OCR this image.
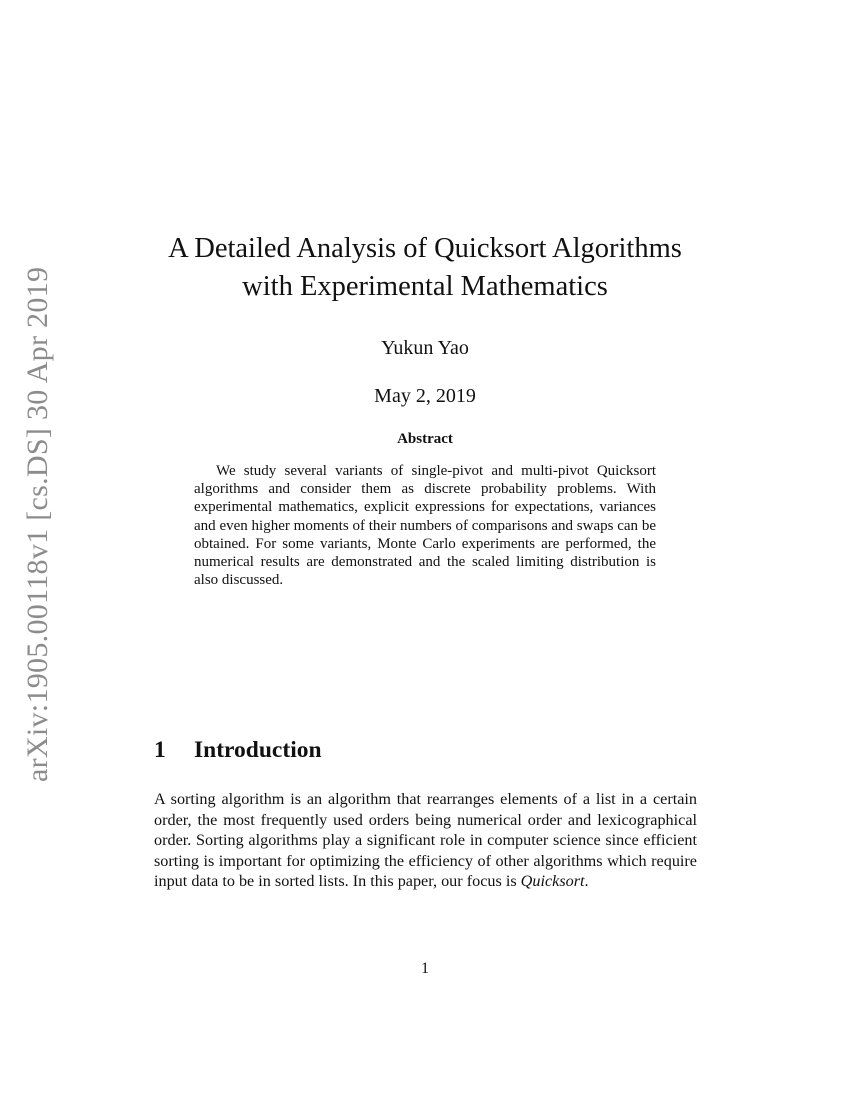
arXiv:1905.00118v1 [cs.DS] 30 Apr 2019
A Detailed Analysis of Quicksort Algorithms
with Experimental Mathematics
Yukun Yao
May 2, 2019
Abstract

We study several variants of single-pivot and multi-pivot Quicksort algorithms and consider them as discrete probability problems. With experimental mathematics, explicit expressions for expectations, variances and even higher moments of their numbers of comparisons and swaps can be obtained. For some variants, Monte Carlo experiments are performed, the numerical results are demonstrated and the scaled limiting distribution is also discussed.

1 Introduction

A sorting algorithm is an algorithm that rearranges elements of a list in a certain order, the most frequently used orders being numerical order and lexicographical order. Sorting algorithms play a significant role in computer science since efficient sorting is important for optimizing the efficiency of other algorithms which require input data to be in sorted lists. In this paper, our focus is Quicksort.

1
